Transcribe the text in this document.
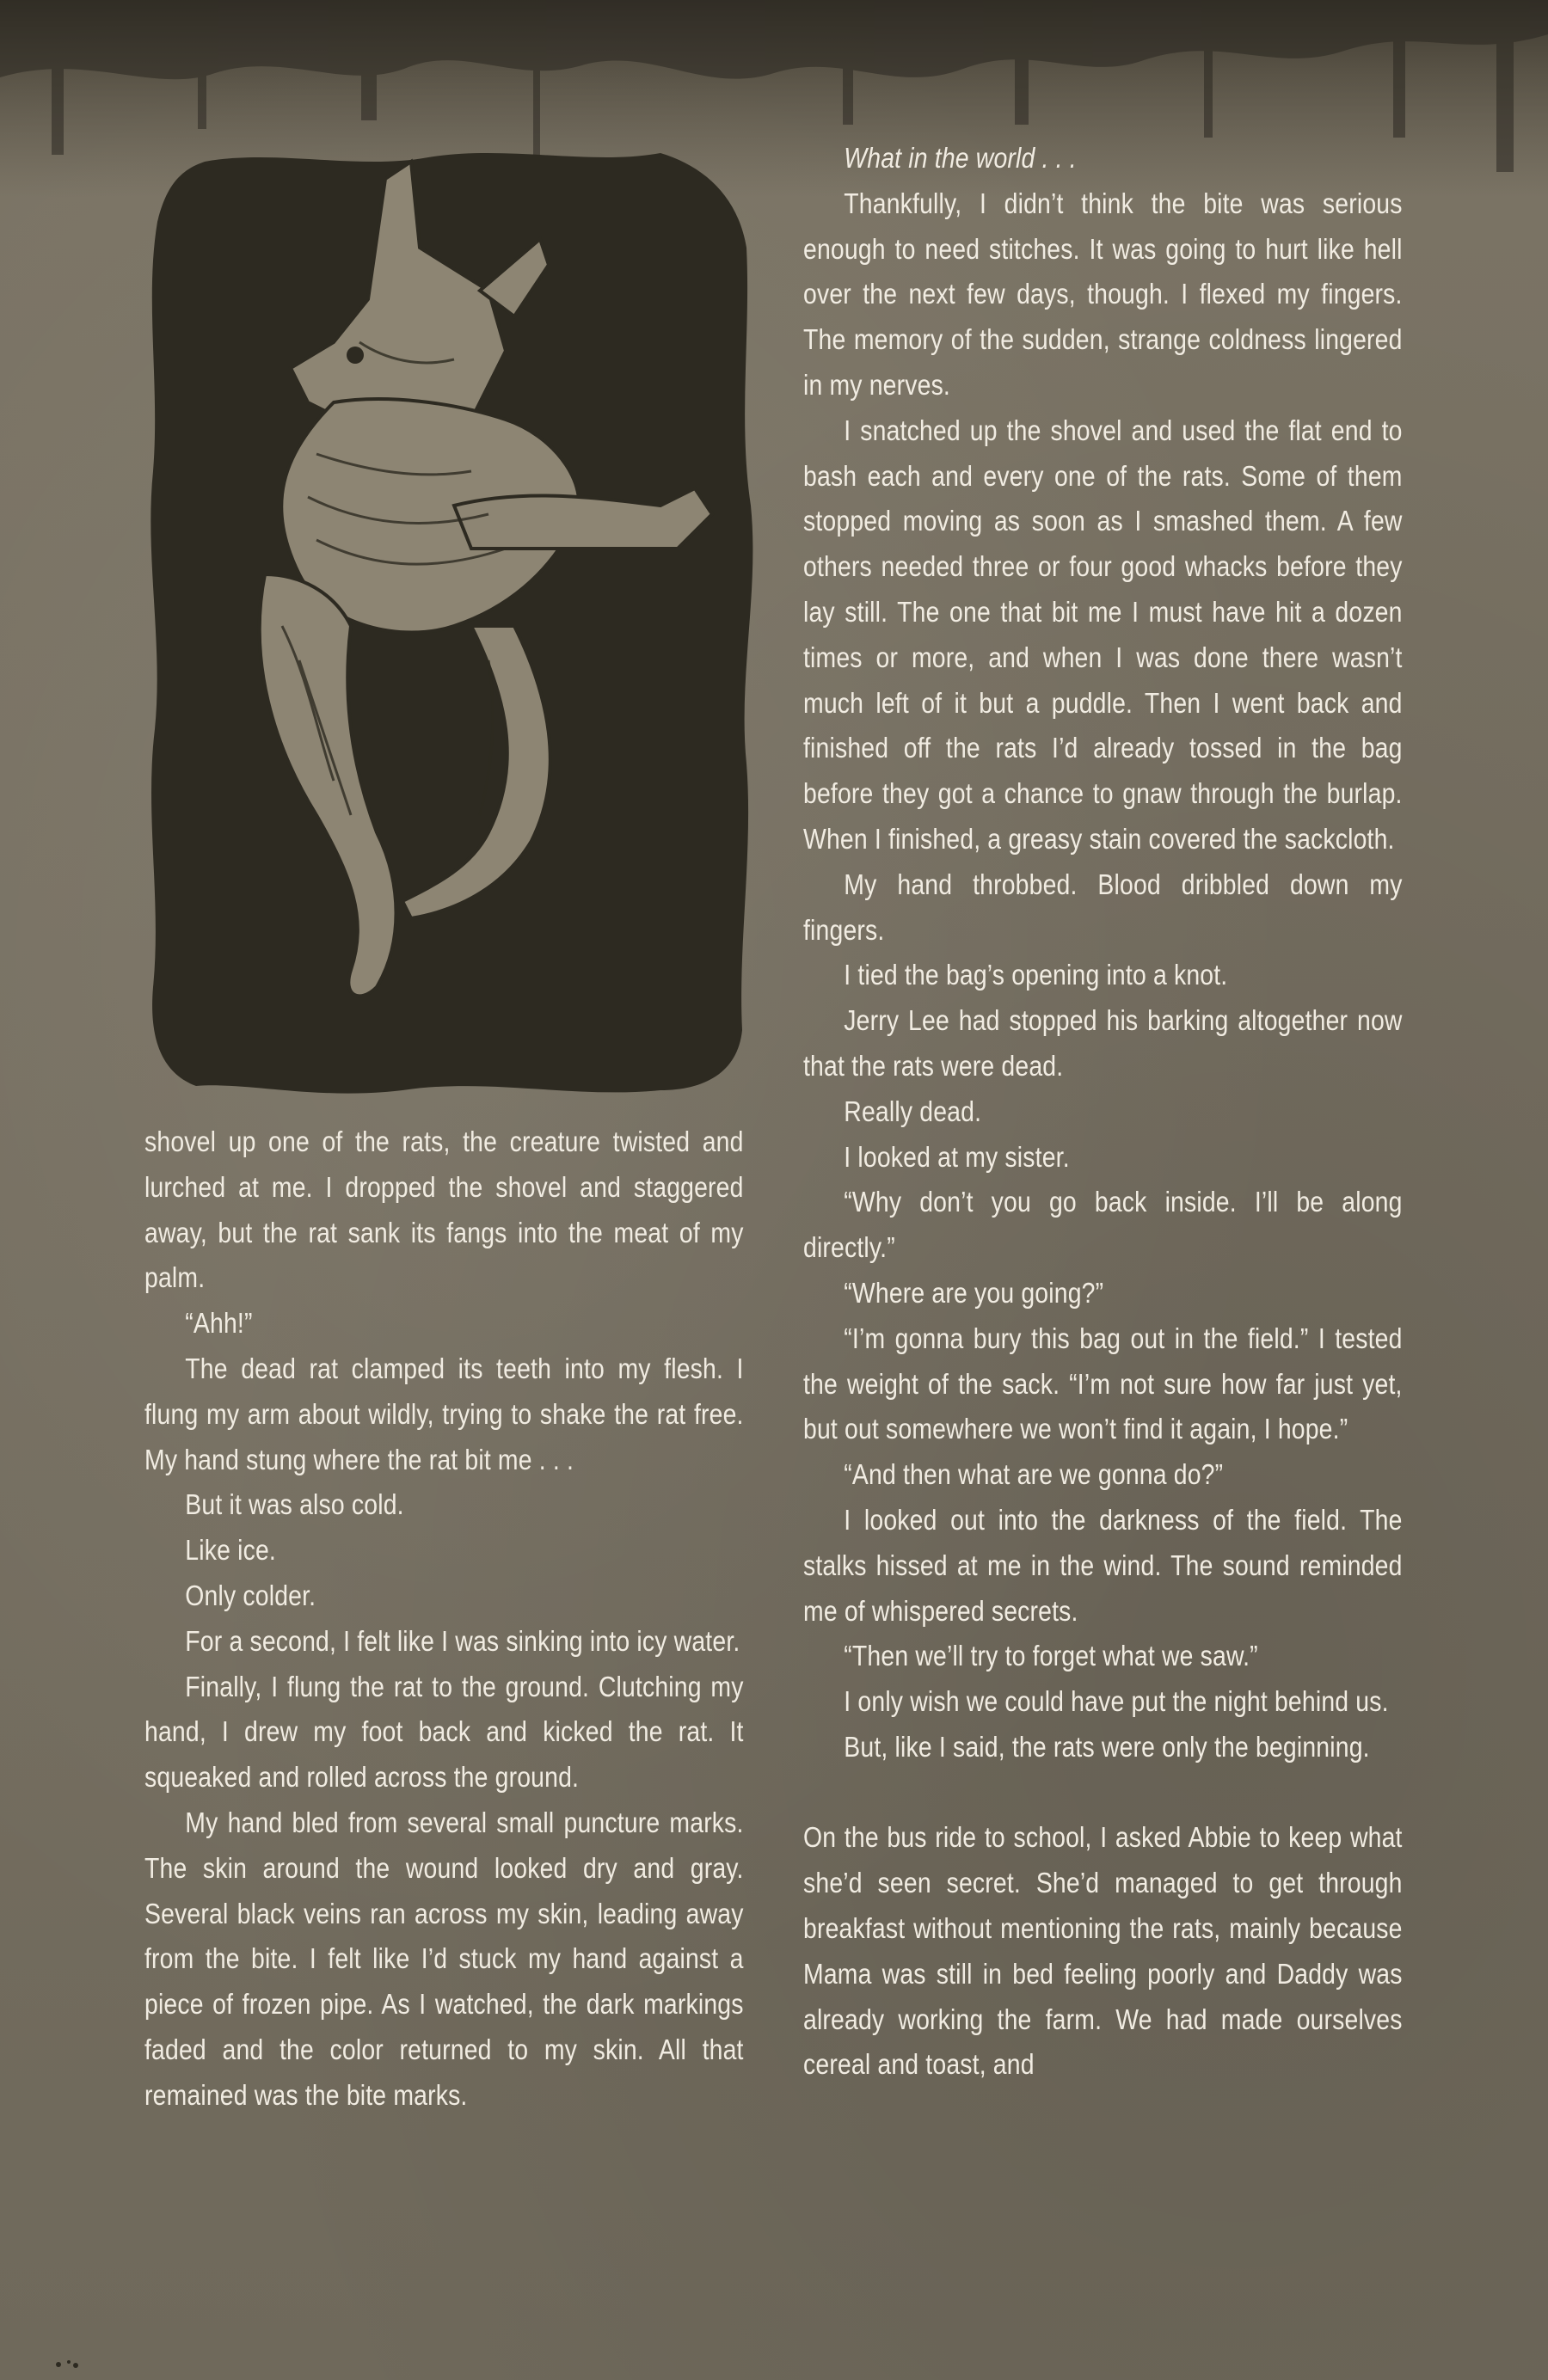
shovel up one of the rats, the creature twisted and lurched at me. I dropped the shovel and staggered away, but the rat sank its fangs into the meat of my palm.

“Ahh!”

The dead rat clamped its teeth into my flesh. I flung my arm about wildly, trying to shake the rat free. My hand stung where the rat bit me . . .

But it was also cold.

Like ice.

Only colder.

For a second, I felt like I was sinking into icy water.

Finally, I flung the rat to the ground. Clutching my hand, I drew my foot back and kicked the rat. It squeaked and rolled across the ground.

My hand bled from several small puncture marks. The skin around the wound looked dry and gray. Several black veins ran across my skin, leading away from the bite. I felt like I’d stuck my hand against a piece of frozen pipe. As I watched, the dark markings faded and the color returned to my skin. All that remained was the bite marks.

What in the world . . .

Thankfully, I didn’t think the bite was serious enough to need stitches. It was going to hurt like hell over the next few days, though. I flexed my fingers. The memory of the sudden, strange coldness lingered in my nerves.

I snatched up the shovel and used the flat end to bash each and every one of the rats. Some of them stopped moving as soon as I smashed them. A few others needed three or four good whacks before they lay still. The one that bit me I must have hit a dozen times or more, and when I was done there wasn’t much left of it but a puddle. Then I went back and finished off the rats I’d already tossed in the bag before they got a chance to gnaw through the burlap. When I finished, a greasy stain covered the sackcloth.

My hand throbbed. Blood dribbled down my fingers.

I tied the bag’s opening into a knot.

Jerry Lee had stopped his barking altogether now that the rats were dead.

Really dead.

I looked at my sister.

“Why don’t you go back inside. I’ll be along directly.”

“Where are you going?”

“I’m gonna bury this bag out in the field.” I tested the weight of the sack. “I’m not sure how far just yet, but out somewhere we won’t find it again, I hope.”

“And then what are we gonna do?”

I looked out into the darkness of the field. The stalks hissed at me in the wind. The sound reminded me of whispered secrets.

“Then we’ll try to forget what we saw.”

I only wish we could have put the night behind us.

But, like I said, the rats were only the beginning.

On the bus ride to school, I asked Abbie to keep what she’d seen secret. She’d managed to get through breakfast without mentioning the rats, mainly because Mama was still in bed feeling poorly and Daddy was already working the farm. We had made ourselves cereal and toast, and
